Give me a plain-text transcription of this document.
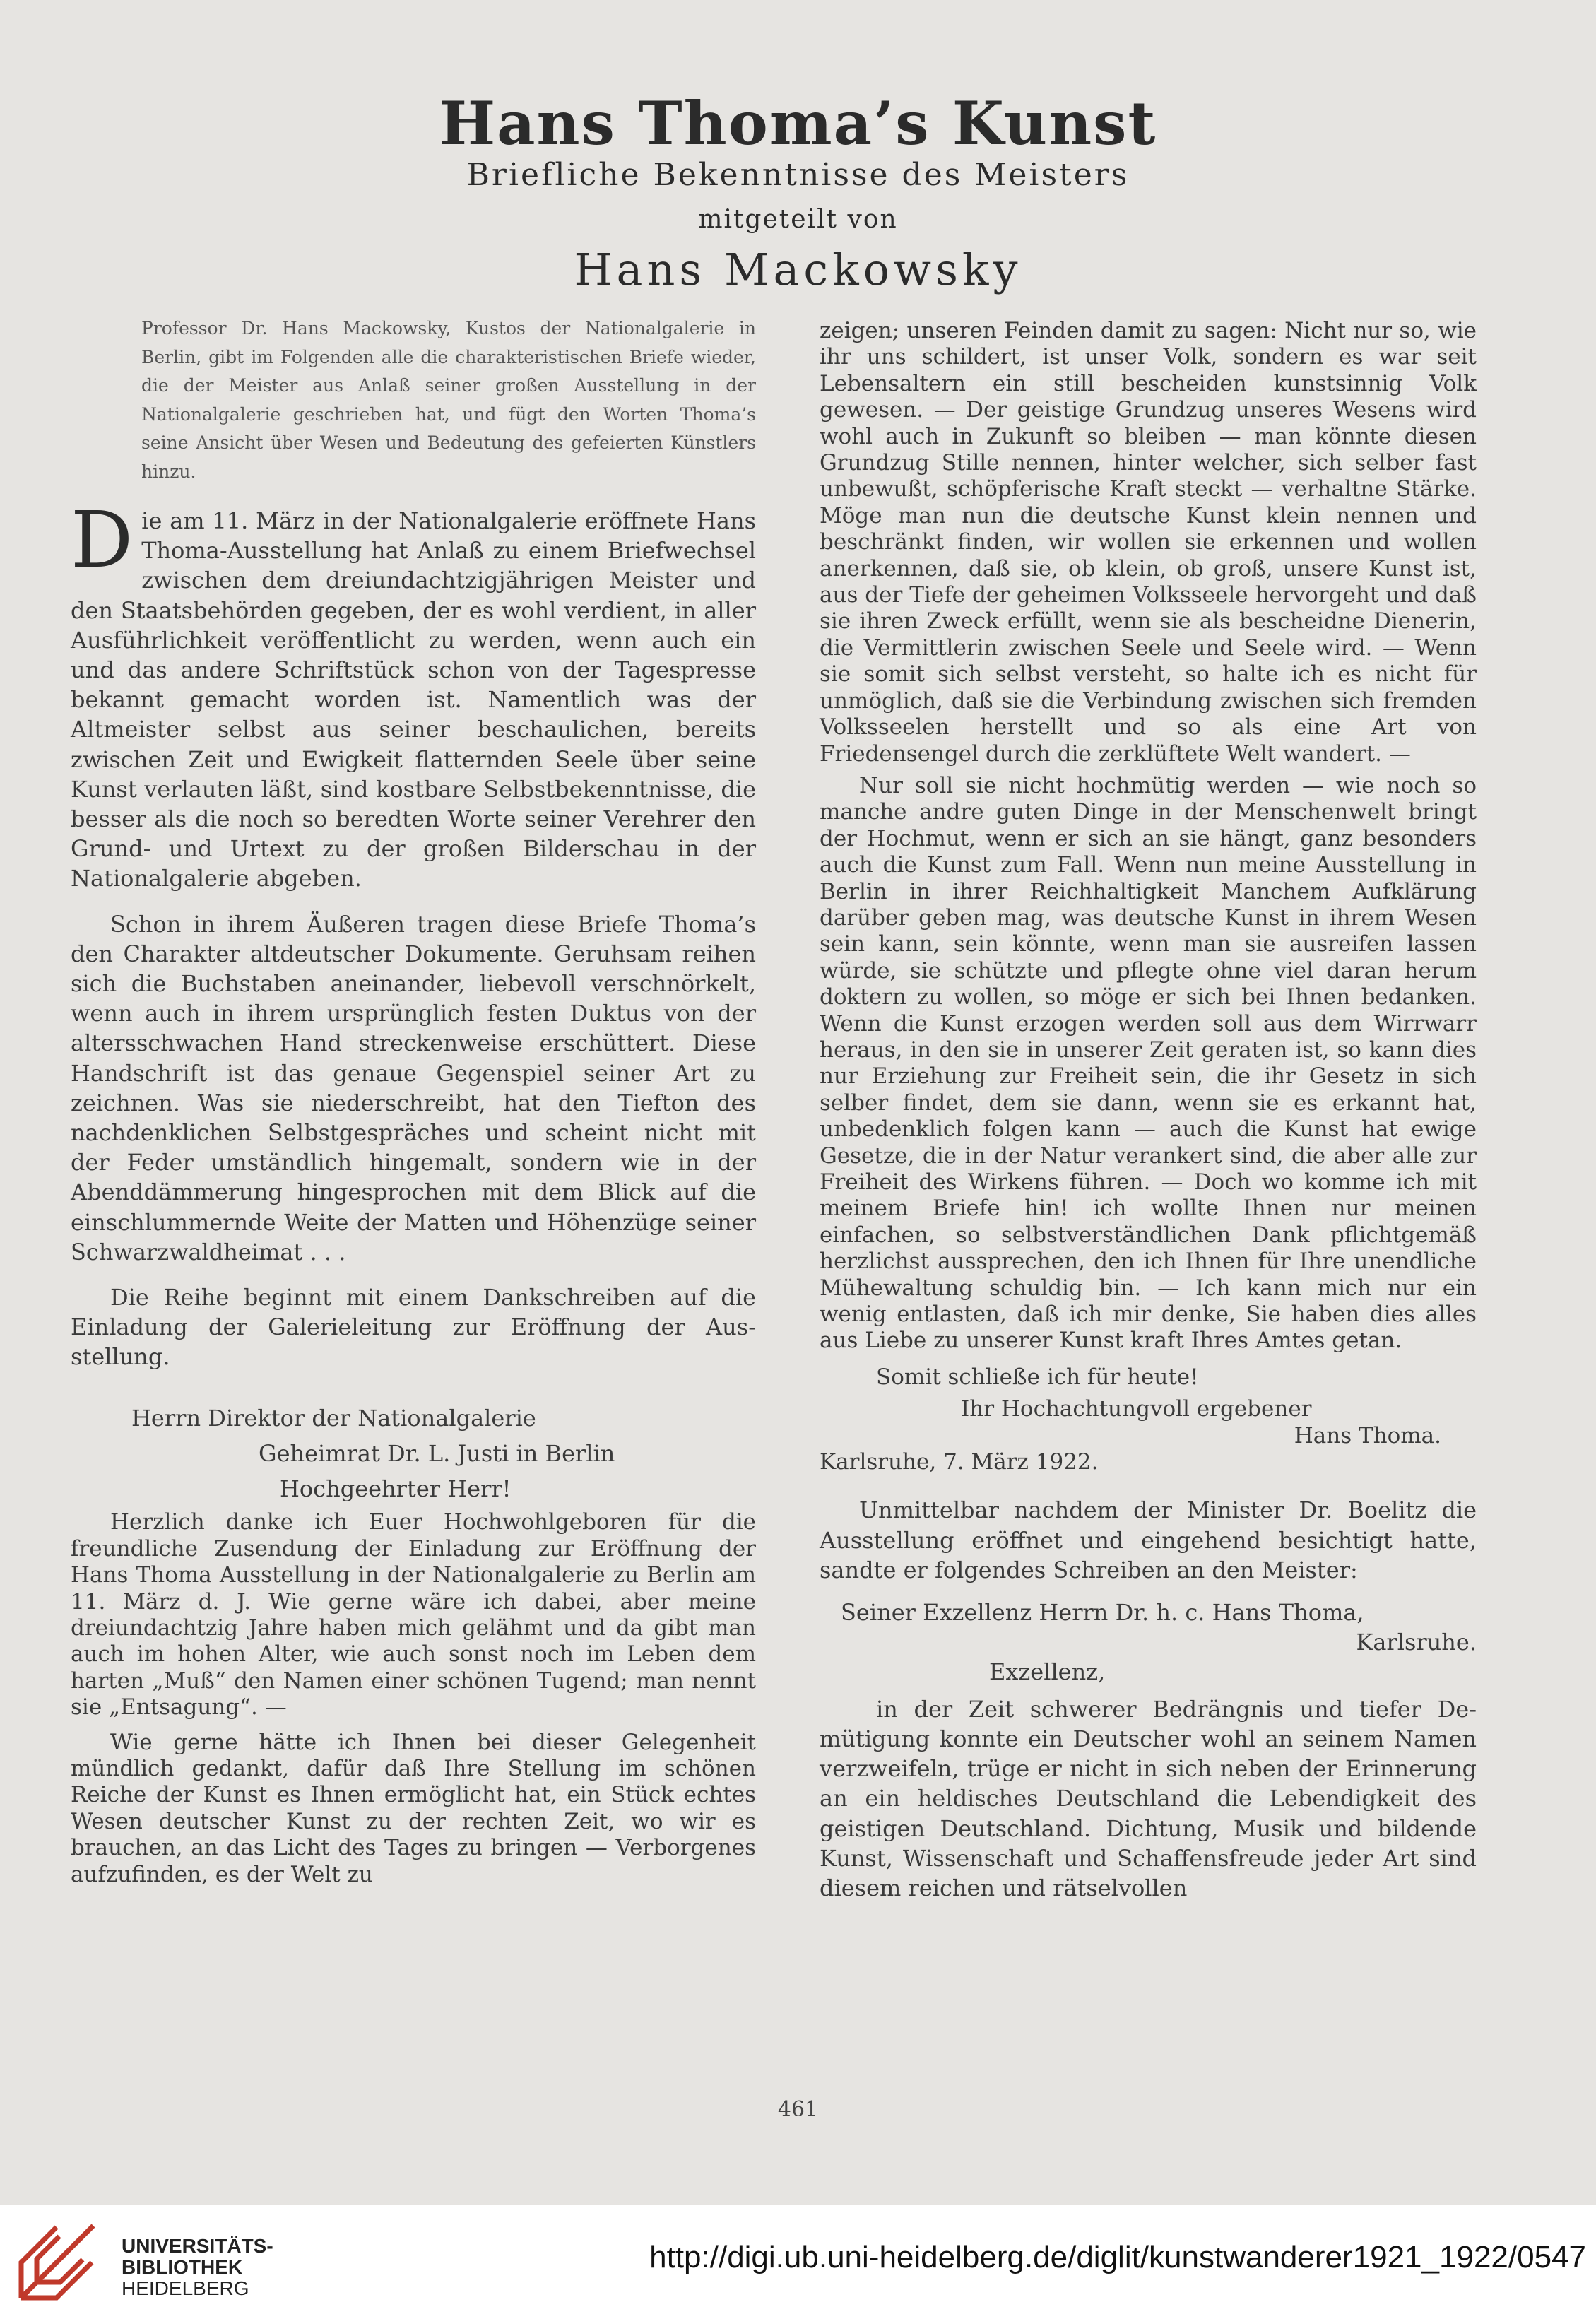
Hans Thoma’s Kunst
Briefliche Bekenntnisse des Meisters
mitgeteilt von
Hans Mackowsky

Professor Dr. Hans Mackowsky, Kustos der Nationalgalerie in Berlin, gibt im Folgenden alle die charakteristischen Briefe wieder, die der Meister aus Anlaß seiner großen Ausstellung in der Nationalgalerie geschrieben hat, und fügt den Worten Thoma’s seine Ansicht über Wesen und Bedeutung des gefeierten Künstlers hinzu.

Die am 11. März in der Nationalgalerie eröffnete Hans Thoma-Ausstellung hat Anlaß zu einem Briefwechsel zwischen dem dreiundachtzigjährigen Meister und den Staatsbehörden gegeben, der es wohl verdient, in aller Ausführlichkeit veröffentlicht zu werden, wenn auch ein und das andere Schriftstück schon von der Tagespresse bekannt gemacht worden ist. Namentlich was der Altmeister selbst aus seiner beschaulichen, bereits zwischen Zeit und Ewigkeit flatternden Seele über seine Kunst verlauten läßt, sind kostbare Selbstbekenntnisse, die besser als die noch so beredten Worte seiner Verehrer den Grund- und Urtext zu der großen Bilderschau in der Nationalgalerie abgeben.

Schon in ihrem Äußeren tragen diese Briefe Thoma’s den Charakter altdeutscher Dokumente. Geruhsam reihen sich die Buchstaben aneinander, liebevoll verschnörkelt, wenn auch in ihrem ursprünglich festen Duktus von der altersschwachen Hand streckenweise erschüttert. Diese Handschrift ist das genaue Gegenspiel seiner Art zu zeichnen. Was sie niederschreibt, hat den Tiefton des nachdenklichen Selbstgespräches und scheint nicht mit der Feder umständlich hingemalt, sondern wie in der Abenddämmerung hingesprochen mit dem Blick auf die einschlummernde Weite der Matten und Höhenzüge seiner Schwarzwaldheimat . . .

Die Reihe beginnt mit einem Dankschreiben auf die Einladung der Galerieleitung zur Eröffnung der Ausstellung.

Herrn Direktor der Nationalgalerie

Geheimrat Dr. L. Justi in Berlin

Hochgeehrter Herr!

Herzlich danke ich Euer Hochwohlgeboren für die freundliche Zusendung der Einladung zur Eröffnung der Hans Thoma Ausstellung in der Nationalgalerie zu Berlin am 11. März d. J. Wie gerne wäre ich dabei, aber meine dreiundachtzig Jahre haben mich gelähmt und da gibt man auch im hohen Alter, wie auch sonst noch im Leben dem harten „Muß“ den Namen einer schönen Tugend; man nennt sie „Entsagung“. —

Wie gerne hätte ich Ihnen bei dieser Gelegenheit mündlich gedankt, dafür daß Ihre Stellung im schönen Reiche der Kunst es Ihnen ermöglicht hat, ein Stück echtes Wesen deutscher Kunst zu der rechten Zeit, wo wir es brauchen, an das Licht des Tages zu bringen — Verborgenes aufzufinden, es der Welt zu

zeigen; unseren Feinden damit zu sagen: Nicht nur so, wie ihr uns schildert, ist unser Volk, sondern es war seit Lebensaltern ein still bescheiden kunstsinnig Volk gewesen. — Der geistige Grundzug unseres Wesens wird wohl auch in Zukunft so bleiben — man könnte diesen Grundzug Stille nennen, hinter welcher, sich selber fast unbewußt, schöpferische Kraft steckt — verhaltne Stärke. Möge man nun die deutsche Kunst klein nennen und beschränkt finden, wir wollen sie erkennen und wollen anerkennen, daß sie, ob klein, ob groß, unsere Kunst ist, aus der Tiefe der geheimen Volksseele hervorgeht und daß sie ihren Zweck erfüllt, wenn sie als bescheidne Dienerin, die Vermittlerin zwischen Seele und Seele wird. — Wenn sie somit sich selbst versteht, so halte ich es nicht für unmöglich, daß sie die Verbindung zwischen sich fremden Volksseelen herstellt und so als eine Art von Friedensengel durch die zerklüftete Welt wandert. —

Nur soll sie nicht hochmütig werden — wie noch so manche andre guten Dinge in der Menschenwelt bringt der Hochmut, wenn er sich an sie hängt, ganz besonders auch die Kunst zum Fall. Wenn nun meine Ausstellung in Berlin in ihrer Reichhaltigkeit Manchem Aufklärung darüber geben mag, was deutsche Kunst in ihrem Wesen sein kann, sein könnte, wenn man sie ausreifen lassen würde, sie schützte und pflegte ohne viel daran herum doktern zu wollen, so möge er sich bei Ihnen bedanken. Wenn die Kunst erzogen werden soll aus dem Wirrwarr heraus, in den sie in unserer Zeit geraten ist, so kann dies nur Erziehung zur Freiheit sein, die ihr Gesetz in sich selber findet, dem sie dann, wenn sie es erkannt hat, unbedenklich folgen kann — auch die Kunst hat ewige Gesetze, die in der Natur verankert sind, die aber alle zur Freiheit des Wirkens führen. — Doch wo komme ich mit meinem Briefe hin! ich wollte Ihnen nur meinen einfachen, so selbstverständlichen Dank pflichtgemäß herzlichst aussprechen, den ich Ihnen für Ihre unendliche Mühewaltung schuldig bin. — Ich kann mich nur ein wenig entlasten, daß ich mir denke, Sie haben dies alles aus Liebe zu unserer Kunst kraft Ihres Amtes getan.

Somit schließe ich für heute!

Ihr Hochachtungvoll ergebener

Hans Thoma.

Karlsruhe, 7. März 1922.

Unmittelbar nachdem der Minister Dr. Boelitz die Ausstellung eröffnet und eingehend besichtigt hatte, sandte er folgendes Schreiben an den Meister:

Seiner Exzellenz Herrn Dr. h. c. Hans Thoma,

Karlsruhe.

Exzellenz,

in der Zeit schwerer Bedrängnis und tiefer Demütigung konnte ein Deutscher wohl an seinem Namen verzweifeln, trüge er nicht in sich neben der Erinnerung an ein heldisches Deutschland die Lebendigkeit des geistigen Deutschland. Dichtung, Musik und bildende Kunst, Wissenschaft und Schaffensfreude jeder Art sind diesem reichen und rätselvollen

461
UNIVERSITÄTS-
BIBLIOTHEK
HEIDELBERG
http://digi.ub.uni-heidelberg.de/diglit/kunstwanderer1921_1922/0547
